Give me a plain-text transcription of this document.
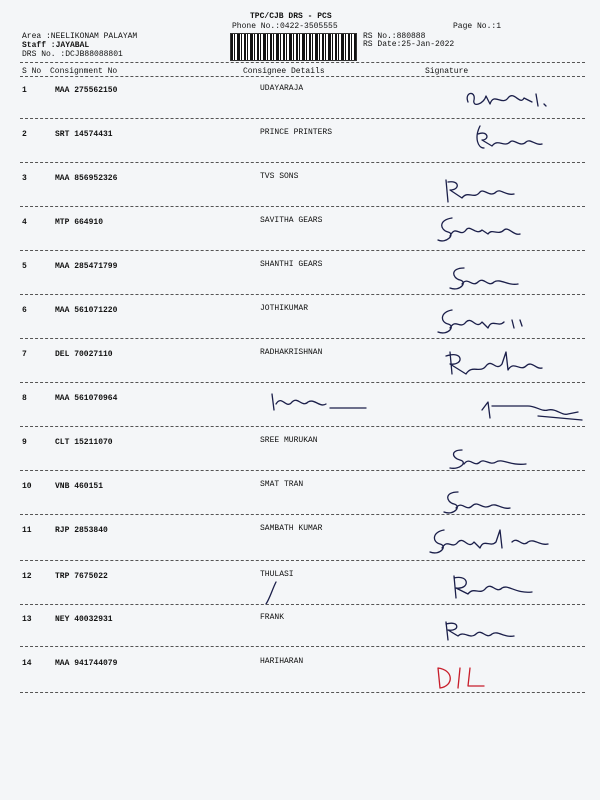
TPC/CJB DRS - PCS
Phone No.:0422-3505555	Page No.:1
RS No.:880888
RS Date:25-Jan-2022
Area :NEELIKONAM PALAYAM
Staff :JAYABAL
DRS No. :DCJB88088801
S No Consignment No	Consignee Details	Signature
1	MAA 275562150	UDAYARAJA
2	SRT 14574431	PRINCE PRINTERS
3	MAA 856952326	TVS SONS
4	MTP 664910	SAVITHA GEARS
5	MAA 285471799	SHANTHI GEARS
6	MAA 561071220	JOTHIKUMAR
7	DEL 70027110	RADHAKRISHNAN
8	MAA 561070964
9	CLT 15211070	SREE MURUKAN
10	VNB 460151	SMAT TRAN
11	RJP 2853840	SAMBATH KUMAR
12	TRP 7675022	THULASI
13	NEY 40032931	FRANK
14	MAA 941744079	HARIHARAN
